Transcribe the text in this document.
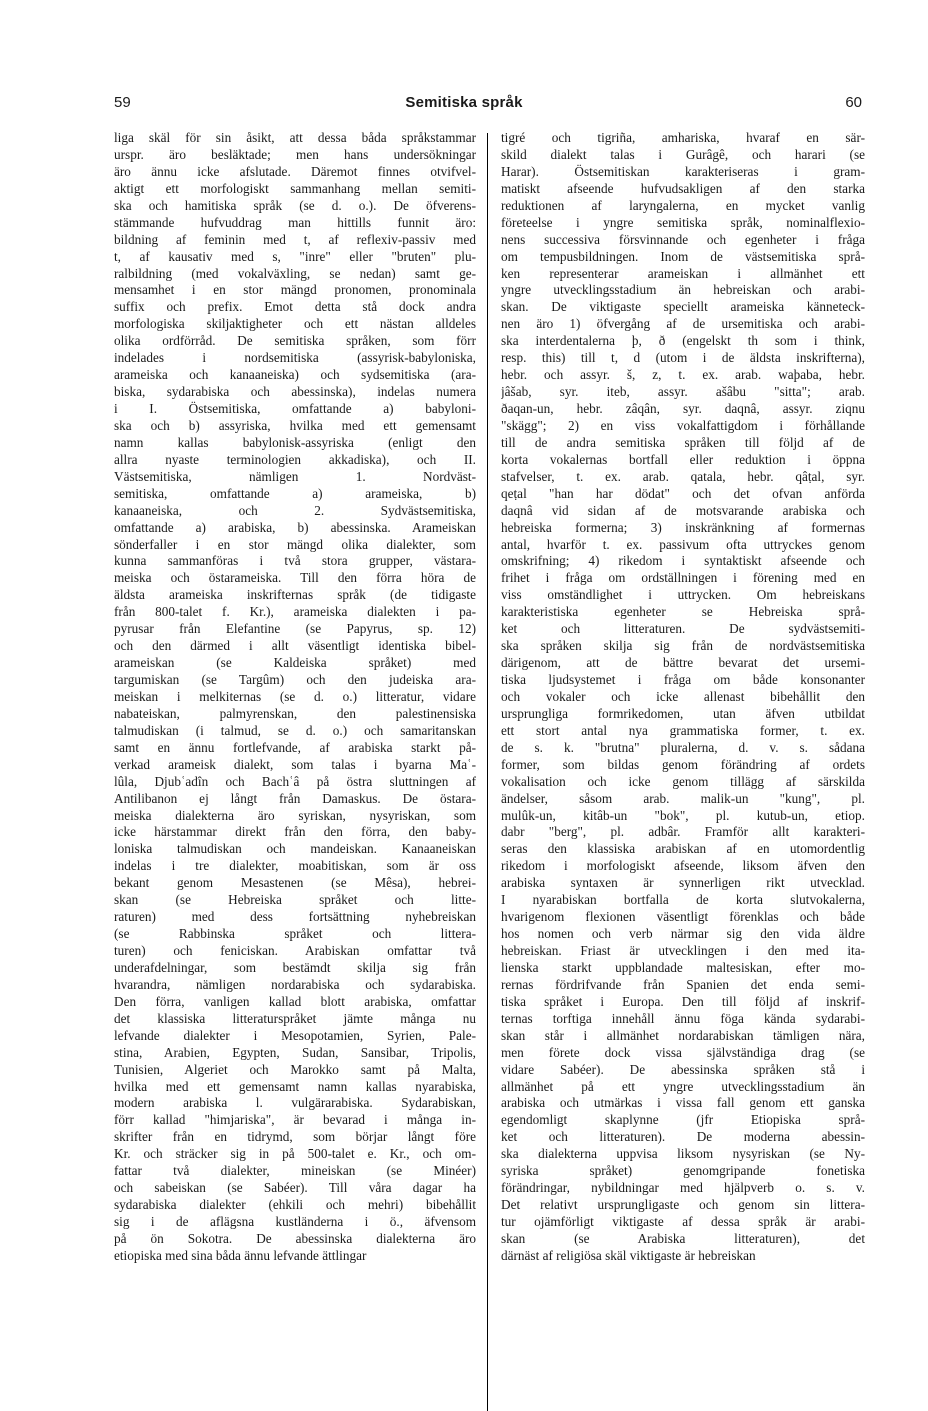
59	Semitiska språk	60
liga skäl för sin åsikt, att dessa båda språkstammar
urspr. äro besläktade; men hans undersökningar
äro ännu icke afslutade. Däremot finnes otvifvel-
aktigt ett morfologiskt sammanhang mellan semiti-
ska och hamitiska språk (se d. o.). De öfverens-
stämmande hufvuddrag man hittills funnit äro:
bildning af feminin med t, af reflexiv-passiv med
t, af kausativ med s, "inre" eller "bruten" plu-
ralbildning (med vokalväxling, se nedan) samt ge-
mensamhet i en stor mängd pronomen, pronominala
suffix och prefix. Emot detta stå dock andra
morfologiska skiljaktigheter och ett nästan alldeles
olika ordförråd. De semitiska språken, som förr
indelades i nordsemitiska (assyrisk-babyloniska,
arameiska och kanaaneiska) och sydsemitiska (ara-
biska, sydarabiska och abessinska), indelas numera
i I. Östsemitiska, omfattande a) babyloni-
ska och b) assyriska, hvilka med ett gemensamt
namn kallas babylonisk-assyriska (enligt den
allra nyaste terminologien akkadiska), och II.
Västsemitiska, nämligen 1. Nordväst-
semitiska, omfattande a) arameiska, b)
kanaaneiska, och 2. Sydvästsemitiska,
omfattande a) arabiska, b) abessinska. Arameiskan
sönderfaller i en stor mängd olika dialekter, som
kunna sammanföras i två stora grupper, västara-
meiska och östarameiska. Till den förra höra de
äldsta arameiska inskrifternas språk (de tidigaste
från 800-talet f. Kr.), arameiska dialekten i pa-
pyrusar från Elefantine (se Papyrus, sp. 12)
och den därmed i allt väsentligt identiska bibel-
arameiskan (se Kaldeiska språket) med
targumiskan (se Targûm) och den judeiska ara-
meiskan i melkiternas (se d. o.) litteratur, vidare
nabateiskan, palmyrenskan, den palestinensiska
talmudiskan (i talmud, se d. o.) och samaritanskan
samt en ännu fortlefvande, af arabiska starkt på-
verkad arameisk dialekt, som talas i byarna Maʿ-
lûla, Djubʿadîn och Bachʿâ på östra sluttningen af
Antilibanon ej långt från Damaskus. De östara-
meiska dialekterna äro syriskan, nysyriskan, som
icke härstammar direkt från den förra, den baby-
loniska talmudiskan och mandeiskan. Kanaaneiskan
indelas i tre dialekter, moabitiskan, som är oss
bekant genom Mesastenen (se Mêsa), hebrei-
skan (se Hebreiska språket och litte-
raturen) med dess fortsättning nyhebreiskan
(se Rabbinska språket och littera-
turen) och feniciskan. Arabiskan omfattar två
underafdelningar, som bestämdt skilja sig från
hvarandra, nämligen nordarabiska och sydarabiska.
Den förra, vanligen kallad blott arabiska, omfattar
det klassiska litteraturspråket jämte många nu
lefvande dialekter i Mesopotamien, Syrien, Pale-
stina, Arabien, Egypten, Sudan, Sansibar, Tripolis,
Tunisien, Algeriet och Marokko samt på Malta,
hvilka med ett gemensamt namn kallas nyarabiska,
modern arabiska l. vulgärarabiska. Sydarabiskan,
förr kallad "himjariska", är bevarad i många in-
skrifter från en tidrymd, som börjar långt före
Kr. och sträcker sig in på 500-talet e. Kr., och om-
fattar två dialekter, mineiskan (se Minéer)
och sabeiskan (se Sabéer). Till våra dagar ha
sydarabiska dialekter (ehkili och mehri) bibehållit
sig i de aflägsna kustländerna i ö., äfvensom
på ön Sokotra. De abessinska dialekterna äro
etiopiska med sina båda ännu lefvande ättlingar
tigré och tigriña, amhariska, hvaraf en sär-
skild dialekt talas i Gurâgê, och harari (se
Harar). Östsemitiskan karakteriseras i gram-
matiskt afseende hufvudsakligen af den starka
reduktionen af laryngalerna, en mycket vanlig
företeelse i yngre semitiska språk, nominalflexio-
nens successiva försvinnande och egenheter i fråga
om tempusbildningen. Inom de västsemitiska språ-
ken representerar arameiskan i allmänhet ett
yngre utvecklingsstadium än hebreiskan och arabi-
skan. De viktigaste speciellt arameiska känneteck-
nen äro 1) öfvergång af de ursemitiska och arabi-
ska interdentalerna þ, ð (engelskt th som i think,
resp. this) till t, d (utom i de äldsta inskrifterna),
hebr. och assyr. š, z, t. ex. arab. waþaba, hebr.
jâšab, syr. iteb, assyr. ašâbu "sitta"; arab.
ðaqan-un, hebr. zâqân, syr. daqnâ, assyr. ziqnu
"skägg"; 2) en viss vokalfattigdom i förhållande
till de andra semitiska språken till följd af de
korta vokalernas bortfall eller reduktion i öppna
stafvelser, t. ex. arab. qatala, hebr. qâṭal, syr.
qeṭal "han har dödat" och det ofvan anförda
daqnâ vid sidan af de motsvarande arabiska och
hebreiska formerna; 3) inskränkning af formernas
antal, hvarför t. ex. passivum ofta uttryckes genom
omskrifning; 4) rikedom i syntaktiskt afseende och
frihet i fråga om ordställningen i förening med en
viss omständlighet i uttrycken. Om hebreiskans
karakteristiska egenheter se Hebreiska språ-
ket och litteraturen. De sydvästsemiti-
ska språken skilja sig från de nordvästsemitiska
därigenom, att de bättre bevarat det ursemi-
tiska ljudsystemet i fråga om både konsonanter
och vokaler och icke allenast bibehållit den
ursprungliga formrikedomen, utan äfven utbildat
ett stort antal nya grammatiska former, t. ex.
de s. k. "brutna" pluralerna, d. v. s. sådana
former, som bildas genom förändring af ordets
vokalisation och icke genom tillägg af särskilda
ändelser, såsom arab. malik-un "kung", pl.
mulûk-un, kitâb-un "bok", pl. kutub-un, etiop.
dabr "berg", pl. adbâr. Framför allt karakteri-
seras den klassiska arabiskan af en utomordentlig
rikedom i morfologiskt afseende, liksom äfven den
arabiska syntaxen är synnerligen rikt utvecklad.
I nyarabiskan bortfalla de korta slutvokalerna,
hvarigenom flexionen väsentligt förenklas och både
hos nomen och verb närmar sig den vida äldre
hebreiskan. Friast är utvecklingen i den med ita-
lienska starkt uppblandade maltesiskan, efter mo-
rernas fördrifvande från Spanien det enda semi-
tiska språket i Europa. Den till följd af inskrif-
ternas torftiga innehåll ännu föga kända sydarabi-
skan står i allmänhet nordarabiskan tämligen nära,
men förete dock vissa självständiga drag (se
vidare Sabéer). De abessinska språken stå i
allmänhet på ett yngre utvecklingsstadium än
arabiska och utmärkas i vissa fall genom ett ganska
egendomligt skaplynne (jfr Etiopiska språ-
ket och litteraturen). De moderna abessin-
ska dialekterna uppvisa liksom nysyriskan (se Ny-
syriska språket) genomgripande fonetiska
förändringar, nybildningar med hjälpverb o. s. v.
Det relativt ursprungligaste och genom sin littera-
tur ojämförligt viktigaste af dessa språk är arabi-
skan (se Arabiska litteraturen), det
därnäst af religiösa skäl viktigaste är hebreiskan
